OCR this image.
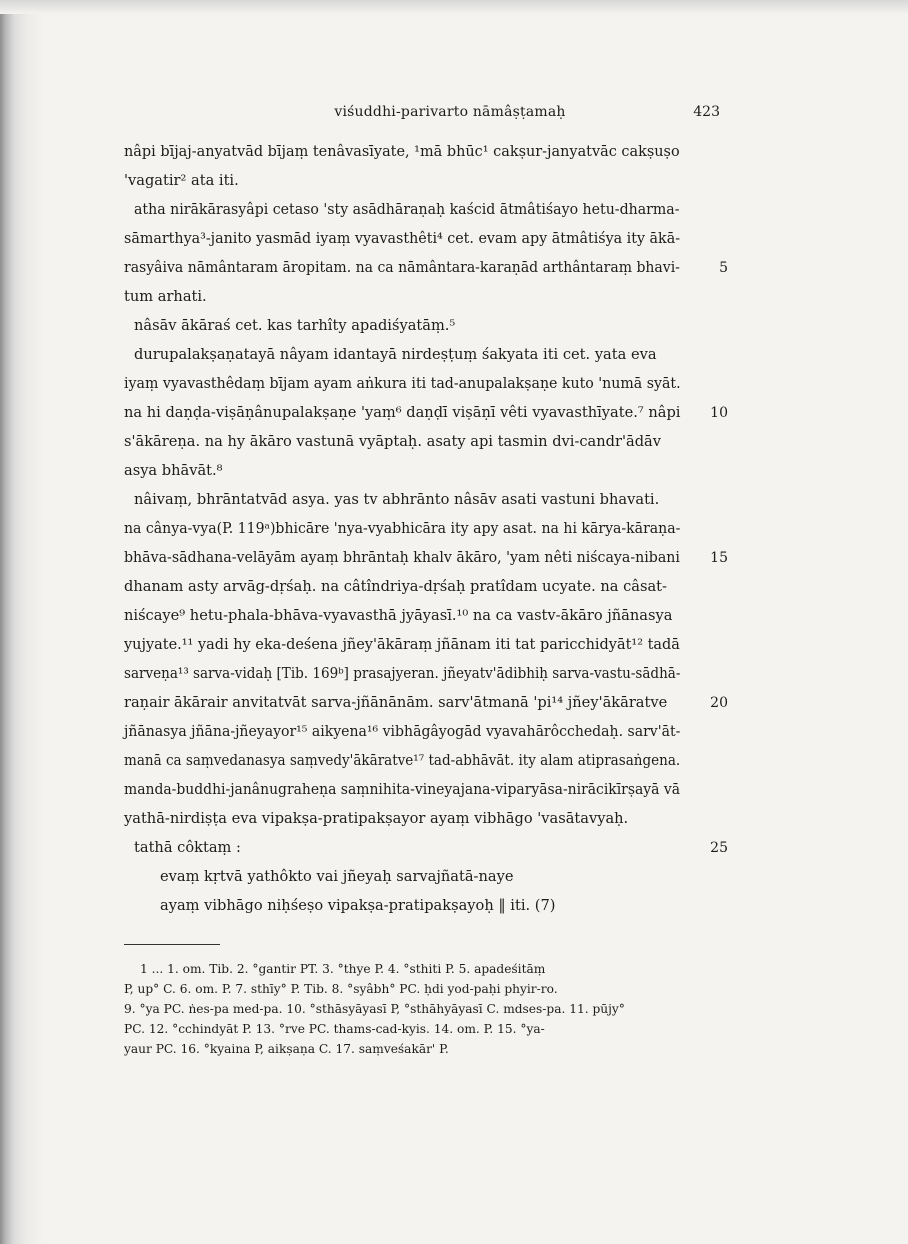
viśuddhi-parivarto nāmâṣṭamaḥ	423
nâpi bījaj-anyatvād bījaṃ tenâvasīyate, ¹mā bhūc¹ cakṣur-janyatvāc cakṣuṣo
'vagatir² ata iti.
atha nirākārasyâpi cetaso 'sty asādhāraṇaḥ kaścid ātmâtiśayo hetu-dharma-
sāmarthya³-janito yasmād iyaṃ vyavasthêti⁴ cet. evam apy ātmâtiśya ity ākā-
rasyâiva nāmântaram āropitam. na ca nāmântara-karaṇād arthântaraṃ bhavi-
tum arhati.
nâsāv ākāraś cet. kas tarhîty apadiśyatāṃ.⁵
durupalakṣaṇatayā nâyam idantayā nirdeṣṭuṃ śakyata iti cet. yata eva
iyaṃ vyavasthêdaṃ bījam ayam aṅkura iti tad-anupalakṣaṇe kuto 'numā syāt.
na hi daṇḍa-viṣāṇânupalakṣaṇe 'yaṃ⁶ daṇḍī viṣāṇī vêti vyavasthīyate.⁷ nâpi
s'ākāreṇa. na hy ākāro vastunā vyāptaḥ. asaty api tasmin dvi-candr'ādāv
asya bhāvāt.⁸
nâivaṃ, bhrāntatvād asya. yas tv abhrānto nâsāv asati vastuni bhavati.
na cânya-vya(P. 119ᵃ)bhicāre 'nya-vyabhicāra ity apy asat. na hi kārya-kāraṇa-
bhāva-sādhana-velāyām ayaṃ bhrāntaḥ khalv ākāro, 'yam nêti niścaya-nibani
dhanam asty arvāg-dṛśaḥ. na câtîndriya-dṛśaḥ pratîdam ucyate. na câsat-
niścaye⁹ hetu-phala-bhāva-vyavasthā jyāyasī.¹⁰ na ca vastv-ākāro jñānasya
yujyate.¹¹ yadi hy eka-deśena jñey'ākāraṃ jñānam iti tat paricchidyāt¹² tadā
sarveṇa¹³ sarva-vidaḥ [Tib. 169ᵇ] prasajyeran. jñeyatv'ādibhiḥ sarva-vastu-sādhā-
raṇair ākārair anvitatvāt sarva-jñānānām. sarv'ātmanā 'pi¹⁴ jñey'ākāratve
jñānasya jñāna-jñeyayor¹⁵ aikyena¹⁶ vibhāgâyogād vyavahārôcchedaḥ. sarv'āt-
manā ca saṃvedanasya saṃvedy'ākāratve¹⁷ tad-abhāvāt. ity alam atiprasaṅgena.
manda-buddhi-janânugraheṇa saṃnihita-vineyajana-viparyāsa-nirācikīrṣayā vā
yathā-nirdiṣṭa eva vipakṣa-pratipakṣayor ayaṃ vibhāgo 'vasātavyaḥ.
tathā côktaṃ :
evaṃ kṛtvā yathôkto vai jñeyaḥ sarvajñatā-naye
ayaṃ vibhāgo niḥśeṣo vipakṣa-pratipakṣayoḥ ‖ iti. (7)
5
10
15
20
25
1 ... 1. om. Tib. 2. °gantir PT. 3. °thye P. 4. °sthiti P. 5. apadeśitāṃ
P, up° C. 6. om. P. 7. sthīy° P. Tib. 8. °syâbh° PC. ḥdi yod-paḥi phyir-ro.
9. °ya PC. ṅes-pa med-pa. 10. °sthāsyāyasī P, °sthāhyāyasī C. mdses-pa. 11. pūjy°
PC. 12. °cchindyāt P. 13. °rve PC. thams-cad-kyis. 14. om. P. 15. °ya-
yaur PC. 16. °kyaina P, aikṣaṇa C. 17. saṃveśakār' P.
